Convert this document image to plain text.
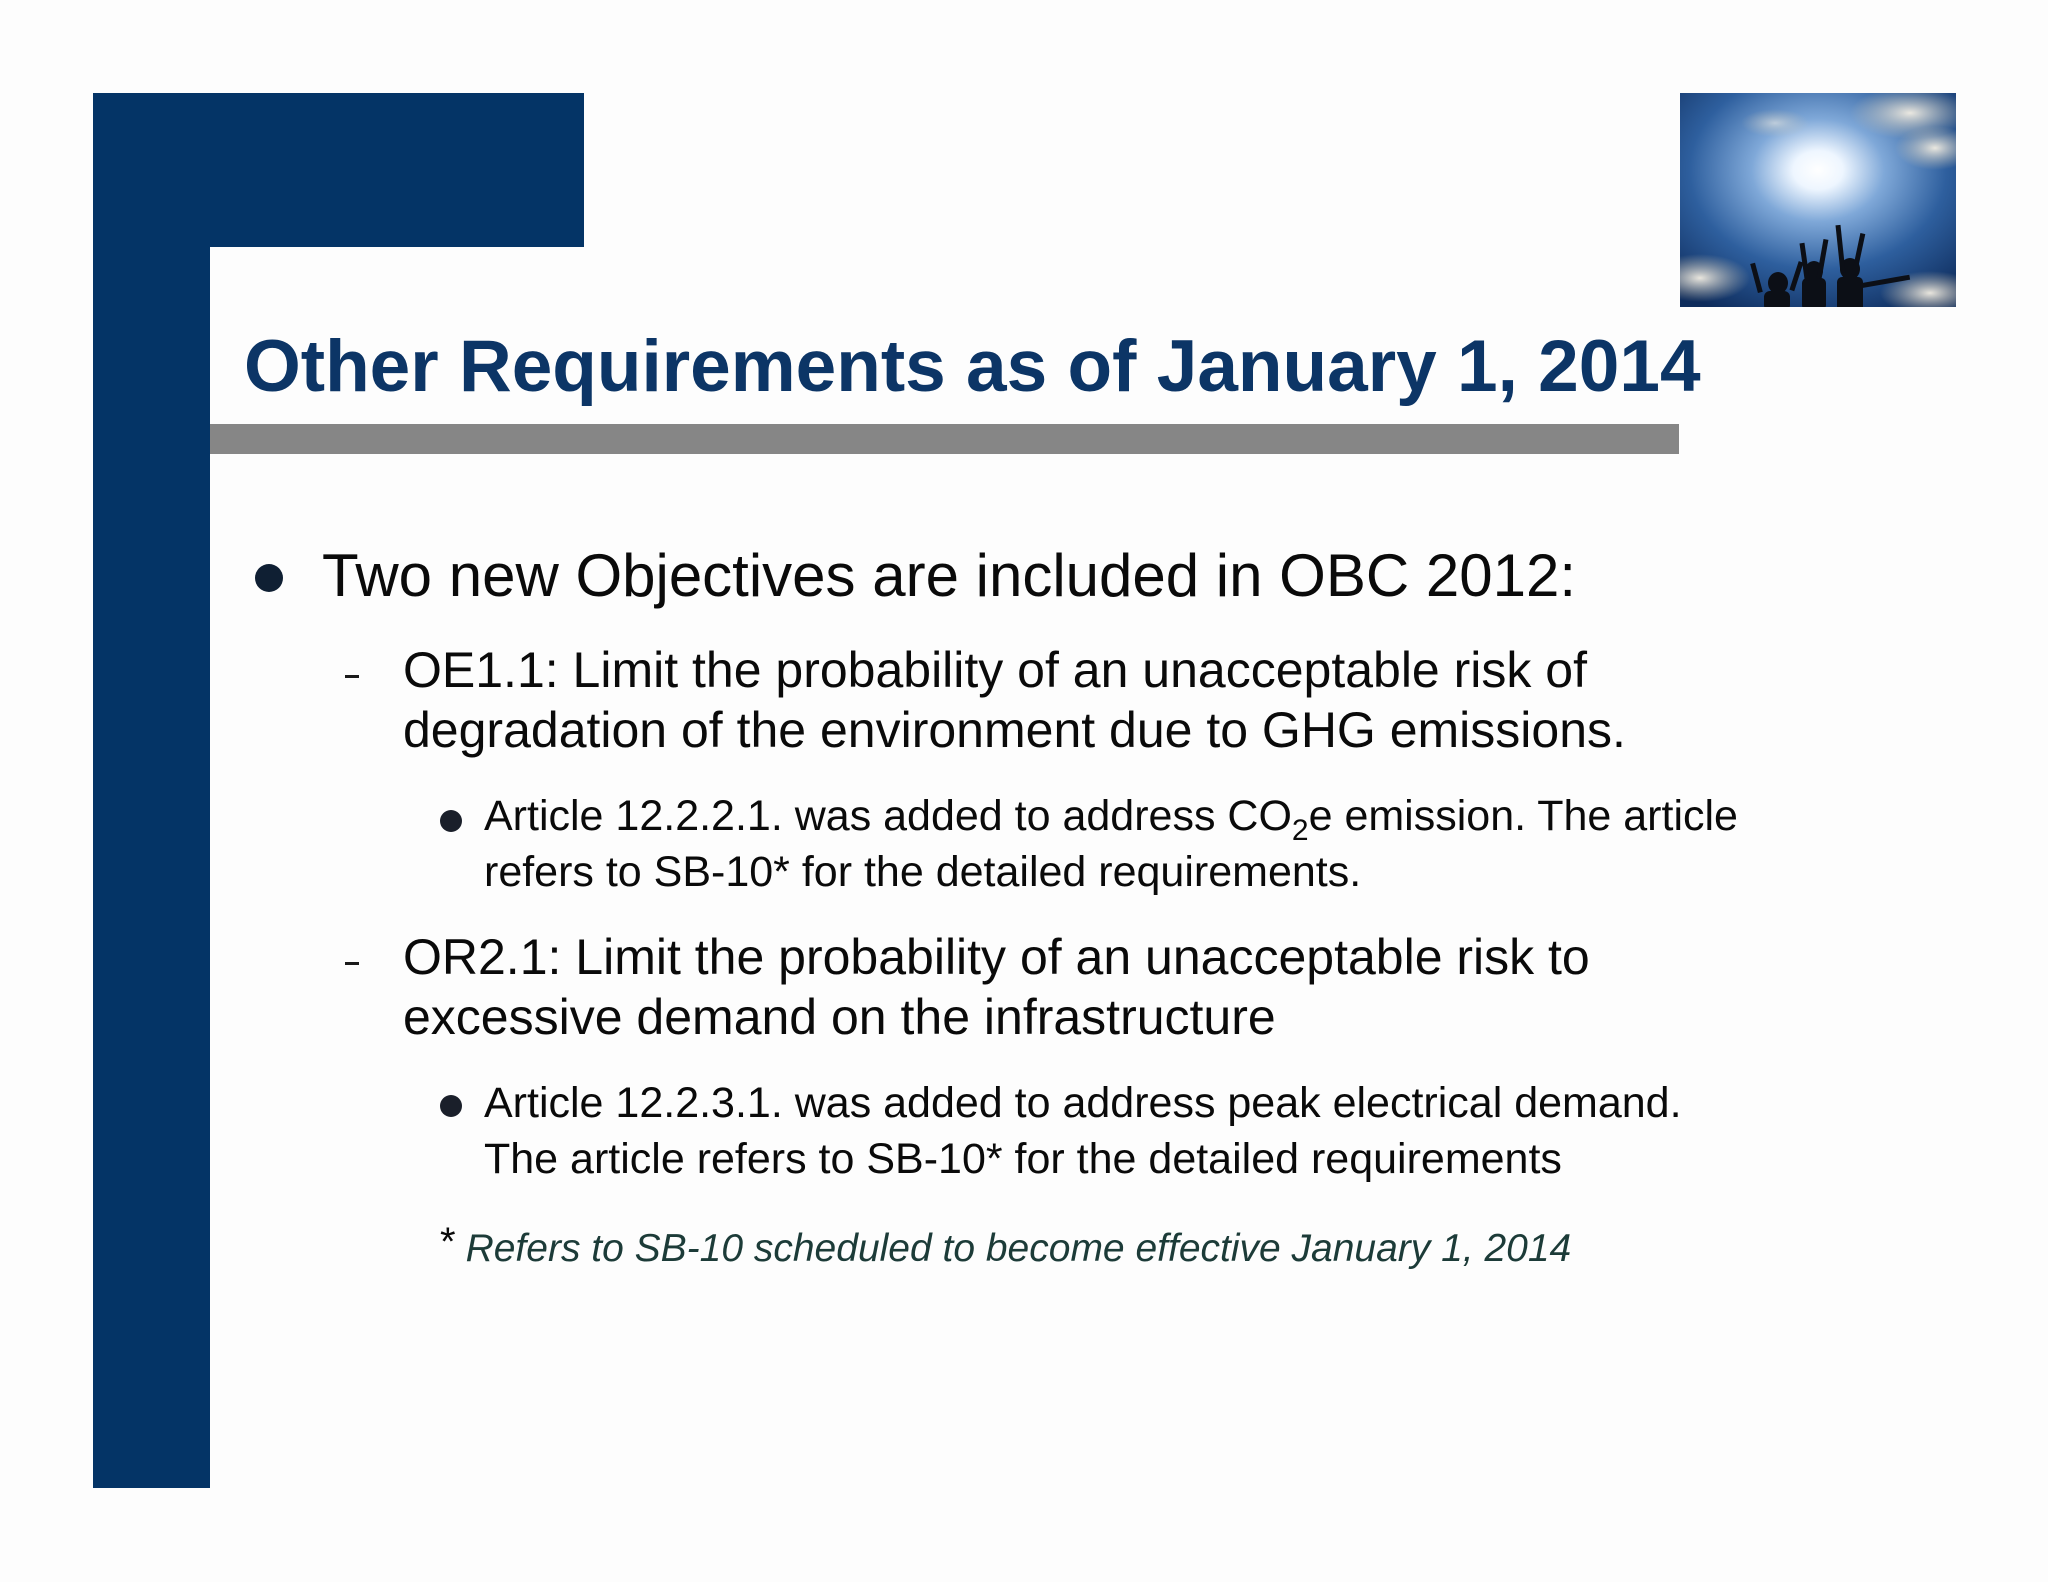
Other Requirements as of January 1, 2014
Two new Objectives are included in OBC 2012:
OE1.1: Limit the probability of an unacceptable risk of
degradation of the environment due to GHG emissions.
Article 12.2.2.1. was added to address $CO_2e$ emission. The article
refers to SB-10* for the detailed requirements.
OR2.1: Limit the probability of an unacceptable risk to
excessive demand on the infrastructure
Article 12.2.3.1. was added to address peak electrical demand.
The article refers to SB-10* for the detailed requirements
* Refers to SB-10 scheduled to become effective January 1, 2014
